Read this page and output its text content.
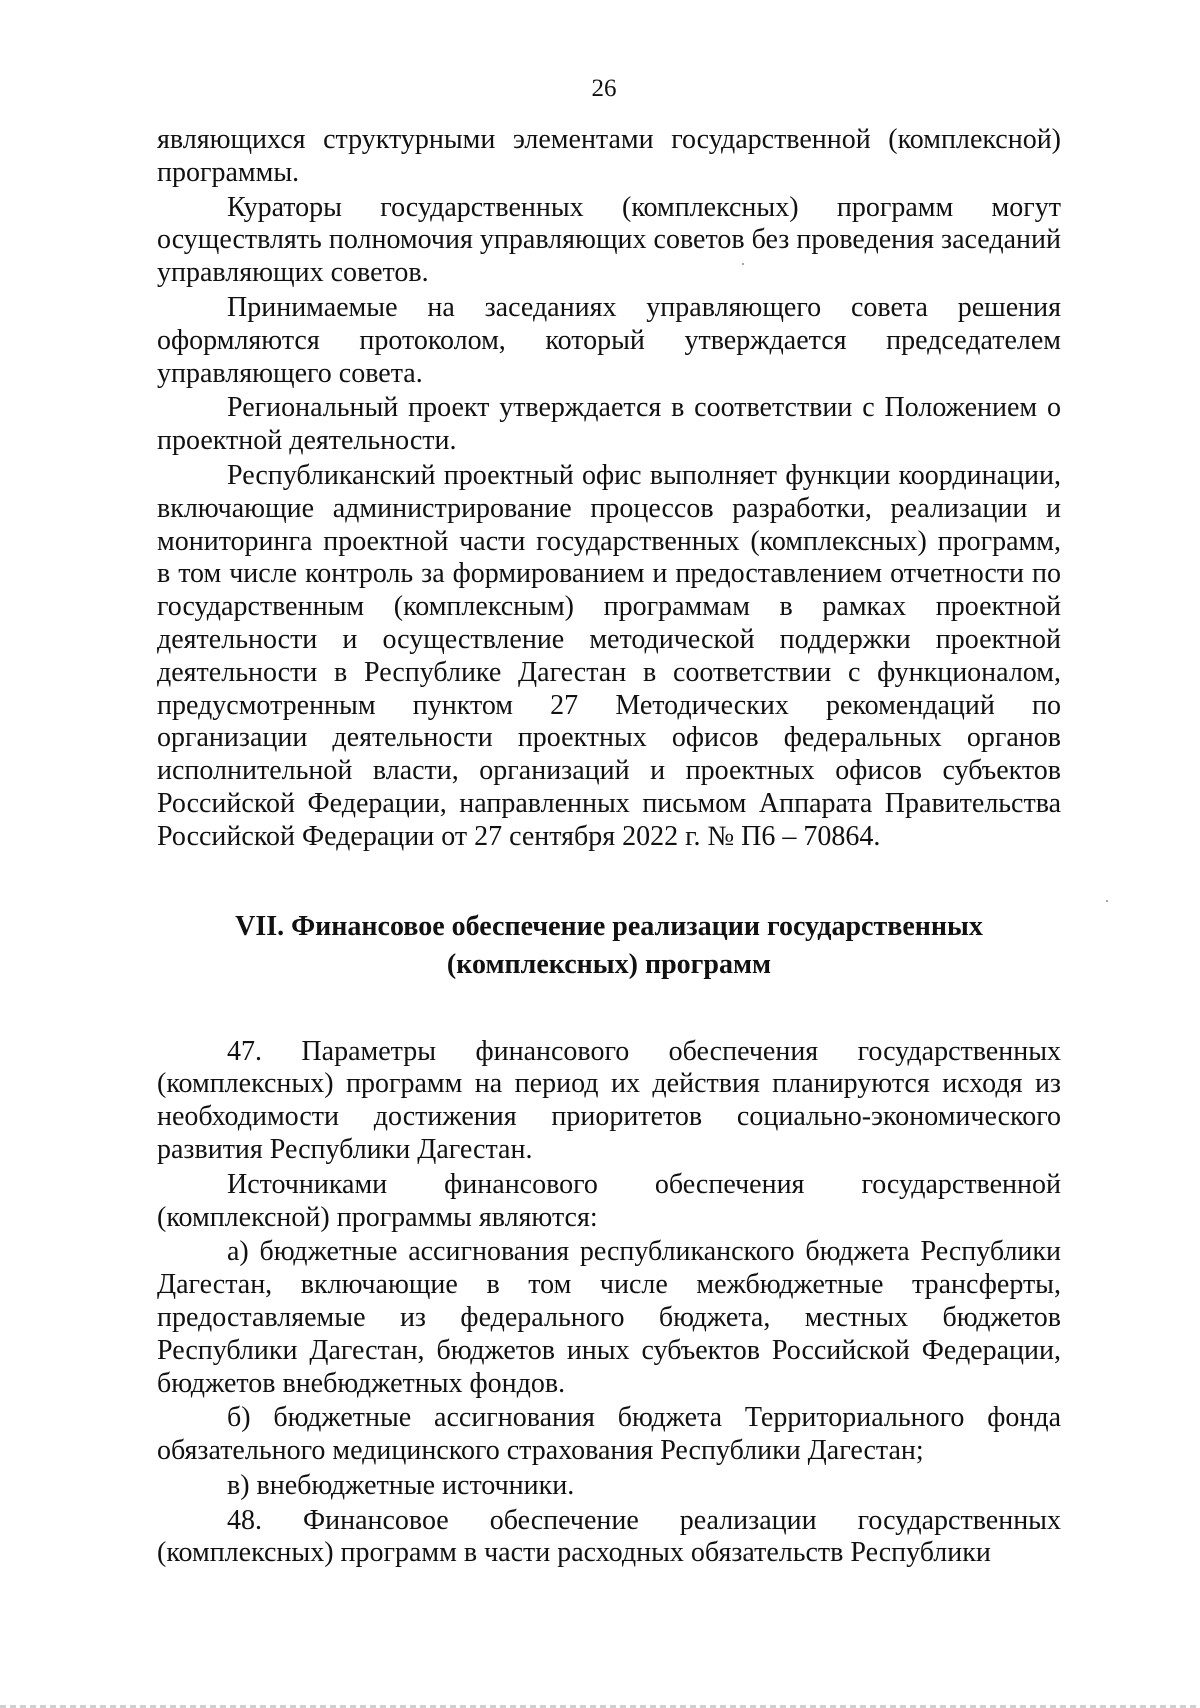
26

являющихся структурными элементами государственной (комплексной) программы.

Кураторы государственных (комплексных) программ могут осуществлять полномочия управляющих советов без проведения заседаний управляющих советов.

Принимаемые на заседаниях управляющего совета решения оформляются протоколом, который утверждается председателем управляющего совета.

Региональный проект утверждается в соответствии с Положением о проектной деятельности.

Республиканский проектный офис выполняет функции координации, включающие администрирование процессов разработки, реализации и мониторинга проектной части государственных (комплексных) программ, в том числе контроль за формированием и предоставлением отчетности по государственным (комплексным) программам в рамках проектной деятельности и осуществление методической поддержки проектной деятельности в Республике Дагестан в соответствии с функционалом, предусмотренным пунктом 27 Методических рекомендаций по организации деятельности проектных офисов федеральных органов исполнительной власти, организаций и проектных офисов субъектов Российской Федерации, направленных письмом Аппарата Правительства Российской Федерации от 27 сентября 2022 г. № П6 – 70864.

VII. Финансовое обеспечение реализации государственных
(комплексных) программ

47. Параметры финансового обеспечения государственных (комплексных) программ на период их действия планируются исходя из необходимости достижения приоритетов социально-экономического развития Республики Дагестан.

Источниками финансового обеспечения государственной (комплексной) программы являются:

а) бюджетные ассигнования республиканского бюджета Республики Дагестан, включающие в том числе межбюджетные трансферты, предоставляемые из федерального бюджета, местных бюджетов Республики Дагестан, бюджетов иных субъектов Российской Федерации, бюджетов внебюджетных фондов.

б) бюджетные ассигнования бюджета Территориального фонда обязательного медицинского страхования Республики Дагестан;

в) внебюджетные источники.

48. Финансовое обеспечение реализации государственных (комплексных) программ в части расходных обязательств Республики
